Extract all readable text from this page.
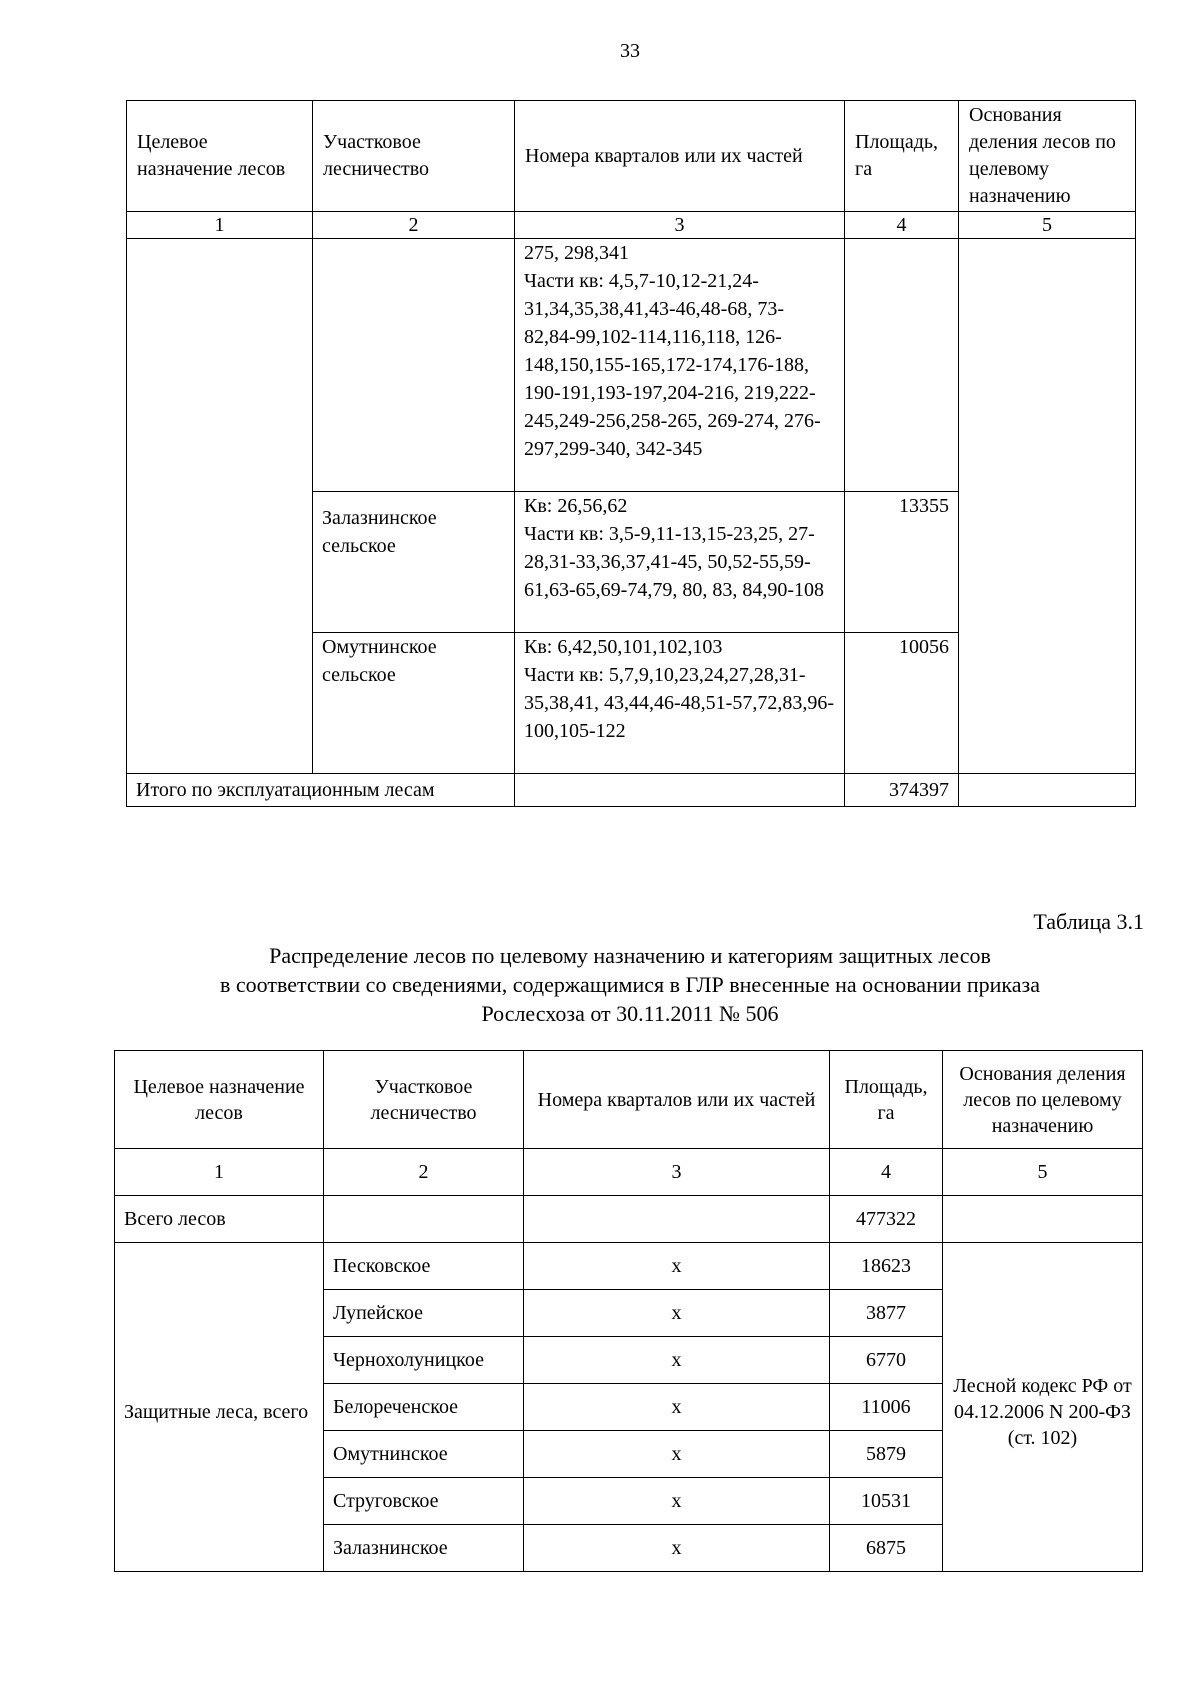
33
Целевое назначение лесов	Участковое лесничество	Номера кварталов или их частей	Площадь, га	Основания деления лесов по целевому назначению
1	2	3	4	5

		275, 298,341
Части кв: 4,5,7-10,12-21,24-31,34,35,38,41,43-46,48-68, 73-82,84-99,102-114,116,118, 126-148,150,155-165,172-174,176-188, 190-191,193-197,204-216, 219,222-245,249-256,258-265, 269-274, 276-297,299-340, 342-345		

	Залазнинское сельское	Кв: 26,56,62
Части кв: 3,5-9,11-13,15-23,25, 27-28,31-33,36,37,41-45, 50,52-55,59-61,63-65,69-74,79, 80, 83, 84,90-108	13355	
	Омутнинское сельское	Кв: 6,42,50,101,102,103
Части кв: 5,7,9,10,23,24,27,28,31-35,38,41, 43,44,46-48,51-57,72,83,96-100,105-122	10056	
Итого по эксплуатационным лесам			374397	
Таблица 3.1
Распределение лесов по целевому назначению и категориям защитных лесов
в соответствии со сведениями, содержащимися в ГЛР внесенные на основании приказа
Рослесхоза от 30.11.2011 № 506
Целевое назначение лесов	Участковое лесничество	Номера кварталов или их частей	Площадь, га	Основания деления лесов по целевому назначению
1	2	3	4	5
Всего лесов			477322	
Защитные леса, всего	Песковское	х	18623	Лесной кодекс РФ от 04.12.2006 N 200-ФЗ (ст. 102)
	Лупейское	х	3877	
	Чернохолуницкое	х	6770	
	Белореченское	х	11006	
	Омутнинское	х	5879	
	Струговское	х	10531	
	Залазнинское	х	6875	
